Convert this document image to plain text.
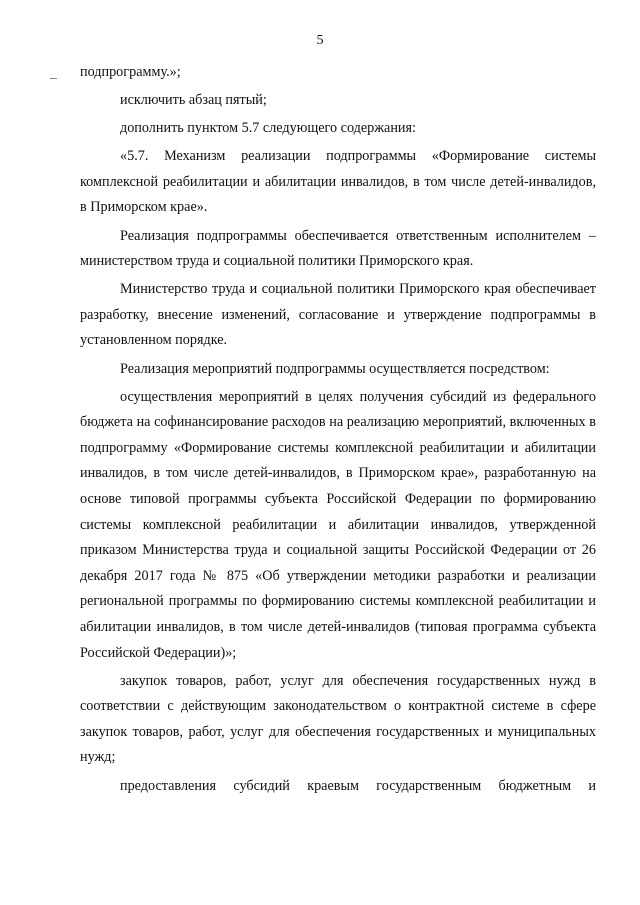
5

подпрограмму.»;

исключить абзац пятый;

дополнить пунктом 5.7 следующего содержания:

«5.7. Механизм реализации подпрограммы «Формирование системы комплексной реабилитации и абилитации инвалидов, в том числе детей-инвалидов, в Приморском крае».

Реализация подпрограммы обеспечивается ответственным исполнителем – министерством труда и социальной политики Приморского края.

Министерство труда и социальной политики Приморского края обеспечивает разработку, внесение изменений, согласование и утверждение подпрограммы в установленном порядке.

Реализация мероприятий подпрограммы осуществляется посредством:

осуществления мероприятий в целях получения субсидий из федерального бюджета на софинансирование расходов на реализацию мероприятий, включенных в подпрограмму «Формирование системы комплексной реабилитации и абилитации инвалидов, в том числе детей-инвалидов, в Приморском крае», разработанную на основе типовой программы субъекта Российской Федерации по формированию системы комплексной реабилитации и абилитации инвалидов, утвержденной приказом Министерства труда и социальной защиты Российской Федерации от 26 декабря 2017 года № 875 «Об утверждении методики разработки и реализации региональной программы по формированию системы комплексной реабилитации и абилитации инвалидов, в том числе детей-инвалидов (типовая программа субъекта Российской Федерации)»;

закупок товаров, работ, услуг для обеспечения государственных нужд в соответствии с действующим законодательством о контрактной системе в сфере закупок товаров, работ, услуг для обеспечения государственных и муниципальных нужд;

предоставления субсидий краевым государственным бюджетным и
